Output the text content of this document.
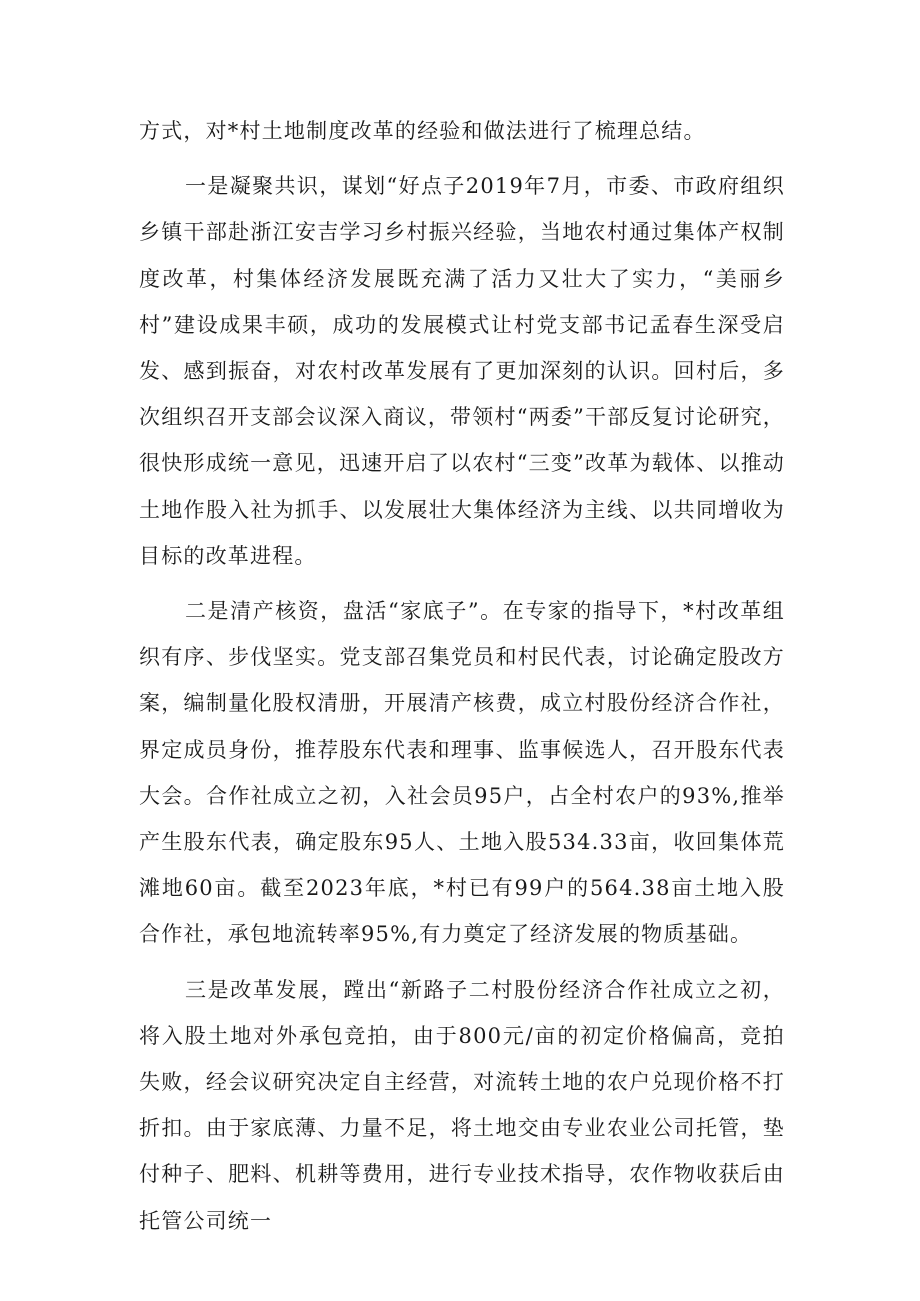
方式，对*村土地制度改革的经验和做法进行了梳理总结。

一是凝聚共识，谋划“好点子2019年7月，市委、市政府组织乡镇干部赴浙江安吉学习乡村振兴经验，当地农村通过集体产权制度改革，村集体经济发展既充满了活力又壮大了实力，“美丽乡村”建设成果丰硕，成功的发展模式让村党支部书记孟春生深受启发、感到振奋，对农村改革发展有了更加深刻的认识。回村后，多次组织召开支部会议深入商议，带领村“两委”干部反复讨论研究，很快形成统一意见，迅速开启了以农村“三变”改革为载体、以推动土地作股入社为抓手、以发展壮大集体经济为主线、以共同增收为目标的改革进程。

二是清产核资，盘活“家底子”。在专家的指导下，*村改革组织有序、步伐坚实。党支部召集党员和村民代表，讨论确定股改方案，编制量化股权清册，开展清产核费，成立村股份经济合作社，界定成员身份，推荐股东代表和理事、监事候选人，召开股东代表大会。合作社成立之初，入社会员95户，占全村农户的93%,推举产生股东代表，确定股东95人、土地入股534.33亩，收回集体荒滩地60亩。截至2023年底，*村已有99户的564.38亩土地入股合作社，承包地流转率95%,有力奠定了经济发展的物质基础。

三是改革发展，蹚出“新路子二村股份经济合作社成立之初，将入股土地对外承包竞拍，由于800元/亩的初定价格偏高，竞拍失败，经会议研究决定自主经营，对流转土地的农户兑现价格不打折扣。由于家底薄、力量不足，将土地交由专业农业公司托管，垫付种子、肥料、机耕等费用，进行专业技术指导，农作物收获后由托管公司统一
